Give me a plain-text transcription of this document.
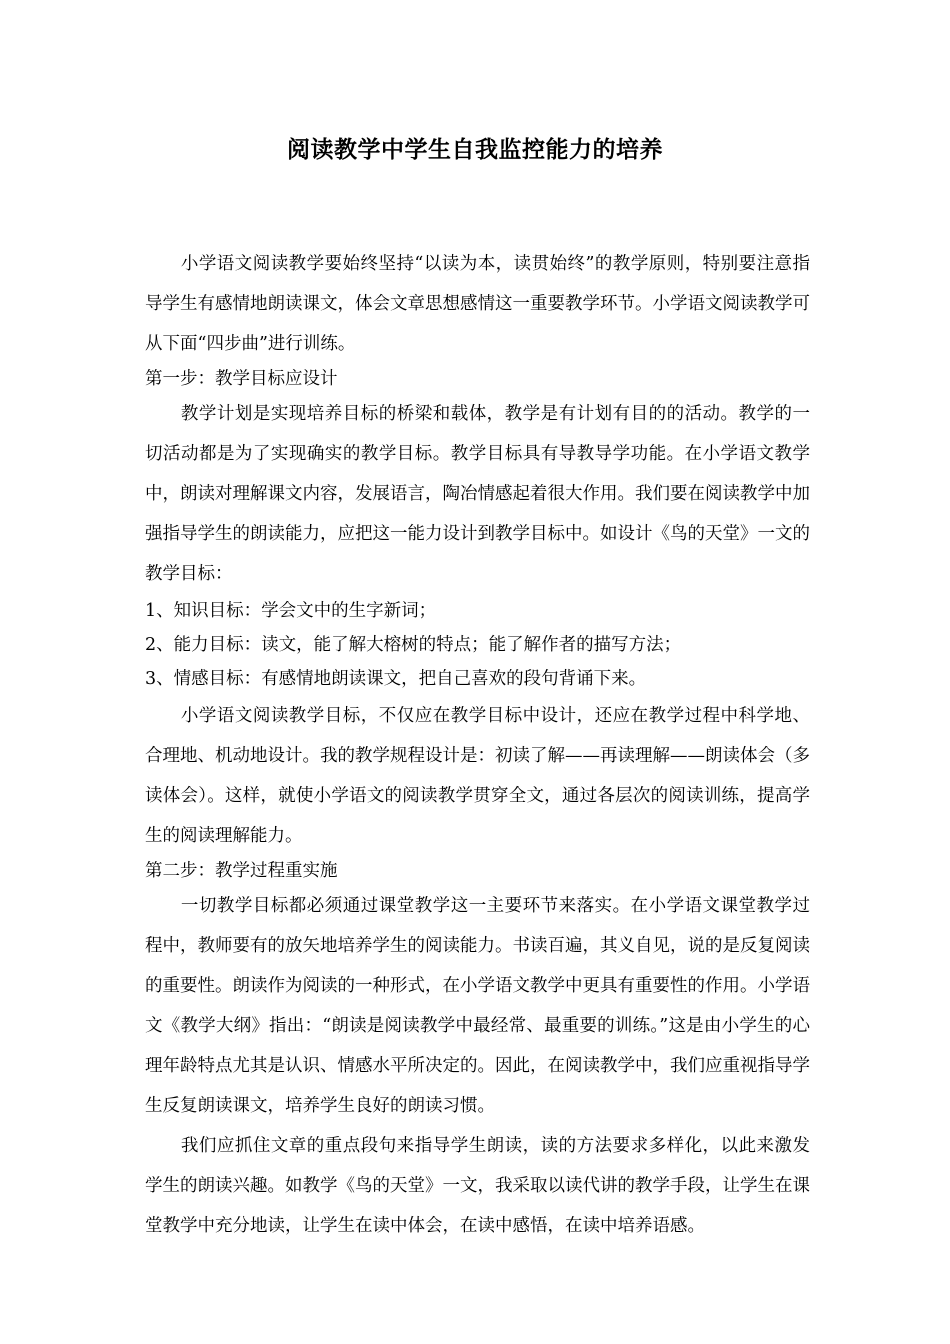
阅读教学中学生自我监控能力的培养

小学语文阅读教学要始终坚持“以读为本，读贯始终”的教学原则，特别要注意指导学生有感情地朗读课文，体会文章思想感情这一重要教学环节。小学语文阅读教学可从下面“四步曲”进行训练。

第一步：教学目标应设计

教学计划是实现培养目标的桥梁和载体，教学是有计划有目的的活动。教学的一切活动都是为了实现确实的教学目标。教学目标具有导教导学功能。在小学语文教学中，朗读对理解课文内容，发展语言，陶冶情感起着很大作用。我们要在阅读教学中加强指导学生的朗读能力，应把这一能力设计到教学目标中。如设计《鸟的天堂》一文的教学目标：

1、知识目标：学会文中的生字新词；

2、能力目标：读文，能了解大榕树的特点；能了解作者的描写方法；

3、情感目标：有感情地朗读课文，把自己喜欢的段句背诵下来。

小学语文阅读教学目标，不仅应在教学目标中设计，还应在教学过程中科学地、合理地、机动地设计。我的教学规程设计是：初读了解——再读理解——朗读体会（多读体会）。这样，就使小学语文的阅读教学贯穿全文，通过各层次的阅读训练，提高学生的阅读理解能力。

第二步：教学过程重实施

一切教学目标都必须通过课堂教学这一主要环节来落实。在小学语文课堂教学过程中，教师要有的放矢地培养学生的阅读能力。书读百遍，其义自见，说的是反复阅读的重要性。朗读作为阅读的一种形式，在小学语文教学中更具有重要性的作用。小学语文《教学大纲》指出：“朗读是阅读教学中最经常、最重要的训练。”这是由小学生的心理年龄特点尤其是认识、情感水平所决定的。因此，在阅读教学中，我们应重视指导学生反复朗读课文，培养学生良好的朗读习惯。

我们应抓住文章的重点段句来指导学生朗读，读的方法要求多样化，以此来激发学生的朗读兴趣。如教学《鸟的天堂》一文，我采取以读代讲的教学手段，让学生在课堂教学中充分地读，让学生在读中体会，在读中感悟，在读中培养语感。
